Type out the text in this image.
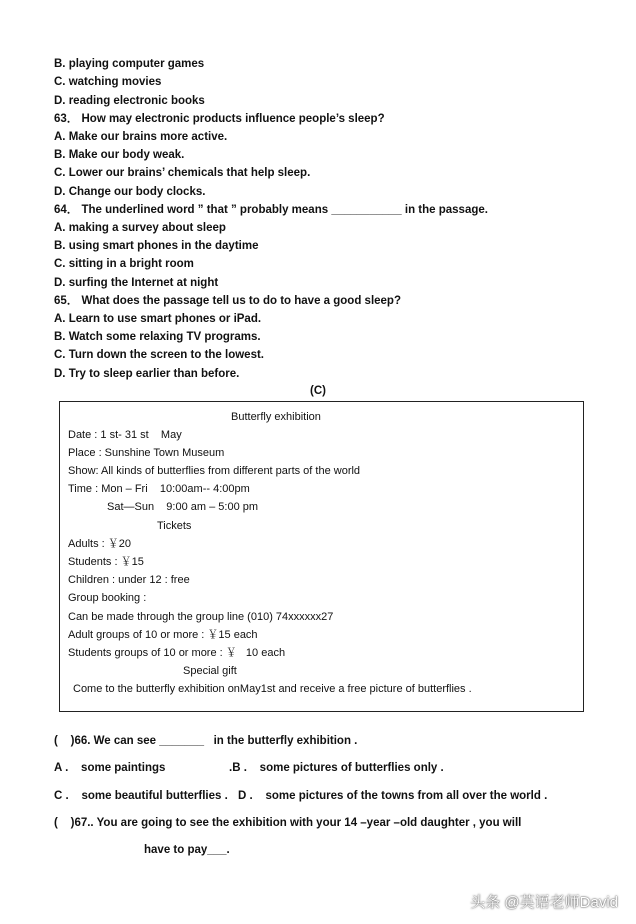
B. playing computer games
C. watching movies
D. reading electronic books
63． How may electronic products influence people’s sleep?
A. Make our brains more active.
B. Make our body weak.
C. Lower our brains’ chemicals that help sleep.
D. Change our body clocks.
64． The underlined word ” that ” probably means ___________ in the passage.
A. making a survey about sleep
B. using smart phones in the daytime
C. sitting in a bright room
D. surfing the Internet at night
65． What does the passage tell us to do to have a good sleep?
A. Learn to use smart phones or iPad.
B. Watch some relaxing TV programs.
C. Turn down the screen to the lowest.
D. Try to sleep earlier than before.
(C)
Butterfly exhibition
Date : 1 st- 31 st    May
Place : Sunshine Town Museum
Show: All kinds of butterflies from different parts of the world
Time : Mon – Fri    10:00am-- 4:00pm
Sat—Sun    9:00 am – 5:00 pm
Tickets
Adults : ￥20
Students : ￥15
Children : under 12 : free
Group booking :
Can be made through the group line (010) 74xxxxxx27
Adult groups of 10 or more : ￥15 each
Students groups of 10 or more : ￥   10 each
Special gift
Come to the butterfly exhibition onMay1st and receive a free picture of butterflies .
(    )66. We can see _______   in the butterfly exhibition .
A .    some paintings	.B .    some pictures of butterflies only .
C .    some beautiful butterflies . D .    some pictures of the towns from all over the world .
(    )67.. You are going to see the exhibition with your 14 –year –old daughter , you will
have to pay___.
头条 @英语老师David
